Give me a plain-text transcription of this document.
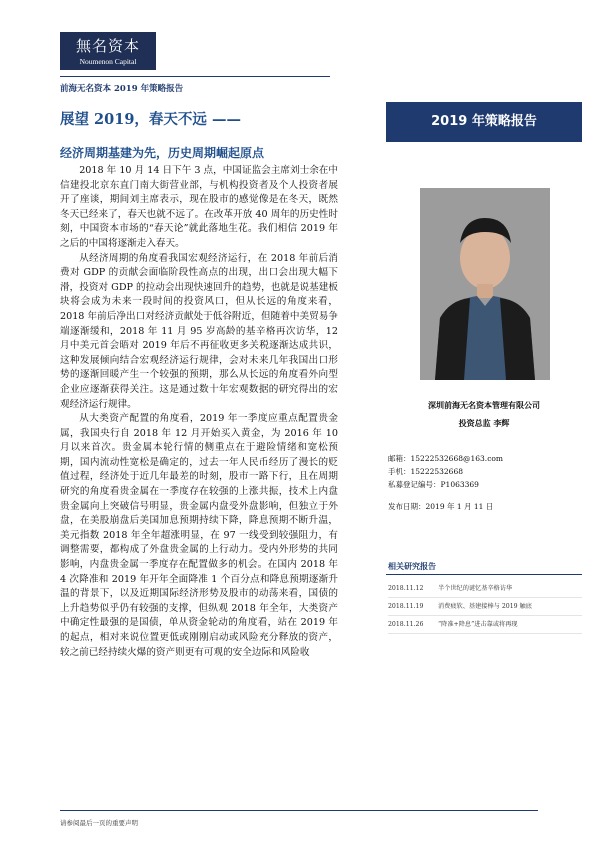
無名资本
Noumenon Capital
前海无名资本 2019 年策略报告
展望 2019，春天不远 ——
经济周期基建为先，历史周期崛起原点
2019 年策略报告

2018 年 10 月 14 日下午 3 点，中国证监会主席刘士余在中信建投北京东直门南大街营业部，与机构投资者及个人投资者展开了座谈，期间刘主席表示，现在股市的感觉像是在冬天，既然冬天已经来了，春天也就不远了。在改革开放 40 周年的历史性时刻，中国资本市场的“春天论”就此落地生花。我们相信 2019 年之后的中国将逐渐走入春天。

从经济周期的角度看我国宏观经济运行，在 2018 年前后消费对 GDP 的贡献会面临阶段性高点的出现，出口会出现大幅下滑，投资对 GDP 的拉动会出现快速回升的趋势，也就是说基建板块将会成为未来一段时间的投资风口，但从长远的角度来看，2018 年前后净出口对经济贡献处于低谷附近，但随着中美贸易争端逐渐缓和，2018 年 11 月 95 岁高龄的基辛格再次访华，12 月中美元首会晤对 2019 年后不再征收更多关税逐渐达成共识，这种发展倾向结合宏观经济运行规律，会对未来几年我国出口形势的逐渐回暖产生一个较强的预期，那么从长远的角度看外向型企业应逐渐获得关注。这是通过数十年宏观数据的研究得出的宏观经济运行规律。

从大类资产配置的角度看，2019 年一季度应重点配置贵金属，我国央行自 2018 年 12 月开始买入黄金，为 2016 年 10 月以来首次。贵金属本轮行情的侧重点在于避险情绪和宽松预期，国内流动性宽松是确定的，过去一年人民币经历了漫长的贬值过程，经济处于近几年最差的时刻，股市一路下行，且在周期研究的角度看贵金属在一季度存在较强的上涨共振，技术上内盘贵金属向上突破信号明显，贵金属内盘受外盘影响，但独立于外盘，在美股崩盘后美国加息预期持续下降，降息预期不断升温，美元指数 2018 年全年超涨明显，在 97 一线受到较强阻力，有调整需要，都构成了外盘贵金属的上行动力。受内外形势的共同影响，内盘贵金属一季度存在配置做多的机会。在国内 2018 年 4 次降准和 2019 年开年全面降准 1 个百分点和降息预期逐渐升温的背景下，以及近期国际经济形势及股市的动荡来看，国债的上升趋势似乎仍有较强的支撑，但纵观 2018 年全年，大类资产中确定性最强的是国债，单从资金轮动的角度看，站在 2019 年的起点，相对来说位置更低或刚刚启动或风险充分释放的资产，较之前已经持续火爆的资产则更有可观的安全边际和风险收

深圳前海无名资本管理有限公司
投资总监 李辉
邮箱：15222532668@163.com
手机：15222532668
私募登记编号：P1063369
发布日期：2019 年 1 月 11 日
相关研究报告
2018.11.12	半个世纪的谜忆基辛格访华
2018.11.19	消费疲软、基建接棒与 2019 触底
2018.11.26	“降准+降息”进击靠或将再现
请参阅最后一页的重要声明
